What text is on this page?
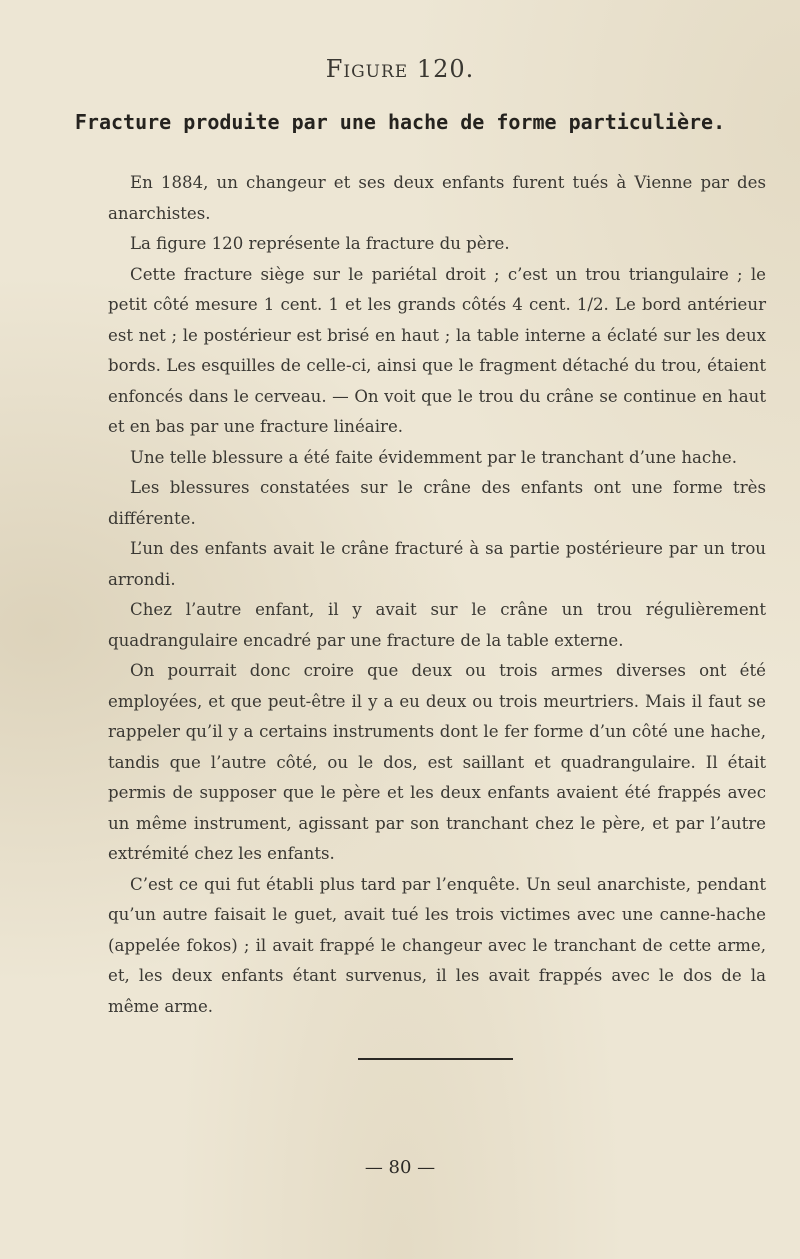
Figure 120.
Fracture produite par une hache de forme particulière.

En 1884, un changeur et ses deux enfants furent tués à Vienne par des anarchistes.

La figure 120 représente la fracture du père.

Cette fracture siège sur le pariétal droit ; c’est un trou triangulaire ; le petit côté mesure 1 cent. 1 et les grands côtés 4 cent. 1/2. Le bord antérieur est net ; le postérieur est brisé en haut ; la table interne a éclaté sur les deux bords. Les esquilles de celle-ci, ainsi que le fragment détaché du trou, étaient enfoncés dans le cerveau. — On voit que le trou du crâne se continue en haut et en bas par une fracture linéaire.

Une telle blessure a été faite évidemment par le tranchant d’une hache.

Les blessures constatées sur le crâne des enfants ont une forme très différente.

L’un des enfants avait le crâne fracturé à sa partie postérieure par un trou arrondi.

Chez l’autre enfant, il y avait sur le crâne un trou régulièrement quadrangulaire encadré par une fracture de la table externe.

On pourrait donc croire que deux ou trois armes diverses ont été employées, et que peut-être il y a eu deux ou trois meurtriers. Mais il faut se rappeler qu’il y a certains instruments dont le fer forme d’un côté une hache, tandis que l’autre côté, ou le dos, est saillant et quadrangulaire. Il était permis de supposer que le père et les deux enfants avaient été frappés avec un même instrument, agissant par son tranchant chez le père, et par l’autre extrémité chez les enfants.

C’est ce qui fut établi plus tard par l’enquête. Un seul anarchiste, pendant qu’un autre faisait le guet, avait tué les trois victimes avec une canne-hache (appelée fokos) ; il avait frappé le changeur avec le tranchant de cette arme, et, les deux enfants étant survenus, il les avait frappés avec le dos de la même arme.

— 80 —
